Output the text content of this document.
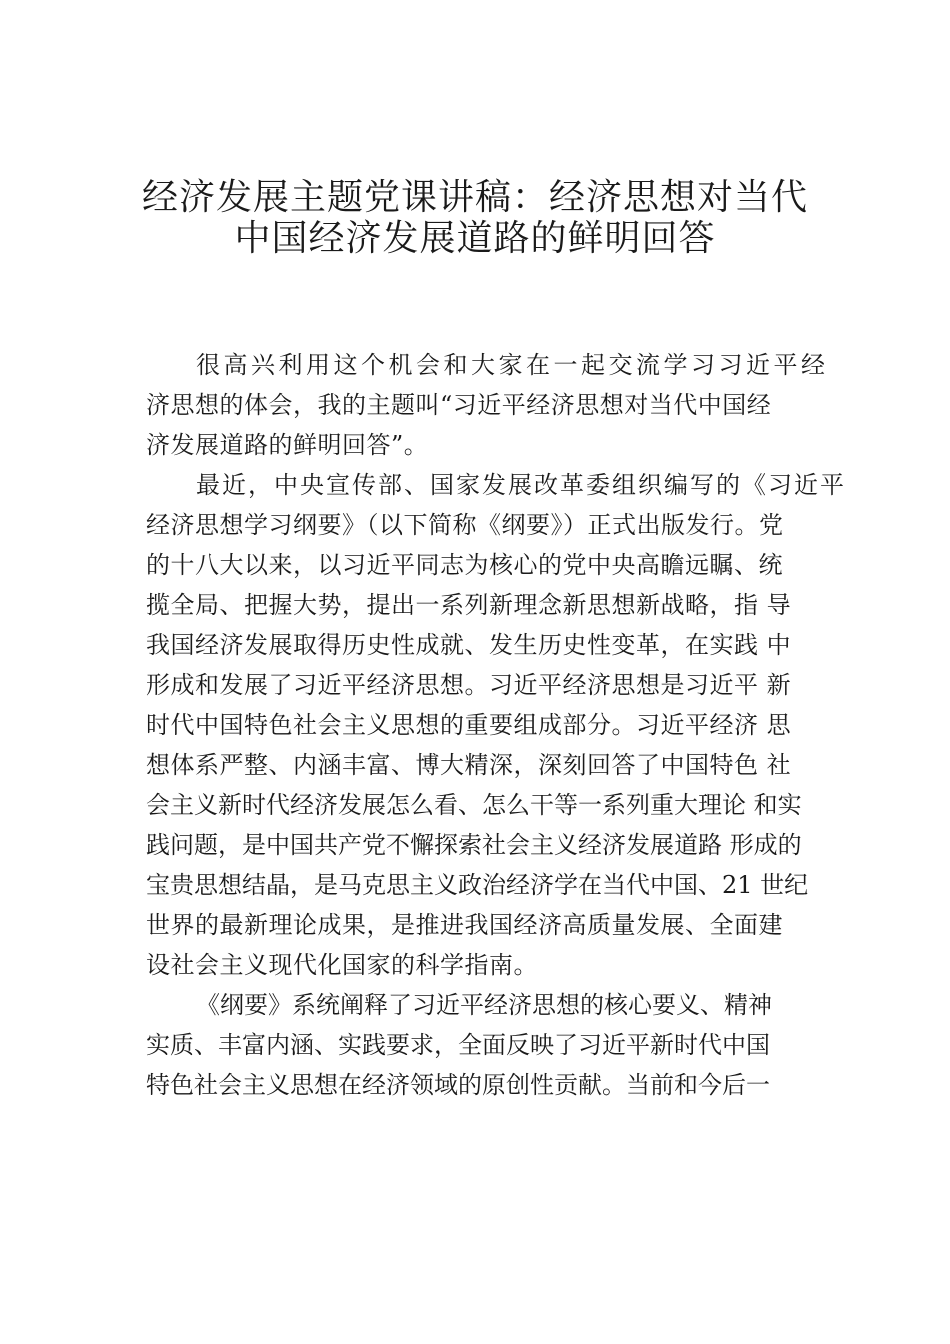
经济发展主题党课讲稿：经济思想对当代
中国经济发展道路的鲜明回答
很高兴利用这个机会和大家在一起交流学习习近平经
济思想的体会，我的主题叫“习近平经济思想对当代中国经
济发展道路的鲜明回答”。
最近，中央宣传部、国家发展改革委组织编写的《习近平
经济思想学习纲要》（以下简称《纲要》）正式出版发行。党
的十八大以来，以习近平同志为核心的党中央高瞻远瞩、统
揽全局、把握大势，提出一系列新理念新思想新战略，指 导
我国经济发展取得历史性成就、发生历史性变革，在实践 中
形成和发展了习近平经济思想。习近平经济思想是习近平 新
时代中国特色社会主义思想的重要组成部分。习近平经济 思
想体系严整、内涵丰富、博大精深，深刻回答了中国特色 社
会主义新时代经济发展怎么看、怎么干等一系列重大理论 和实
践问题，是中国共产党不懈探索社会主义经济发展道路 形成的
宝贵思想结晶，是马克思主义政治经济学在当代中国、21 世纪
世界的最新理论成果，是推进我国经济高质量发展、全面建
设社会主义现代化国家的科学指南。
《纲要》系统阐释了习近平经济思想的核心要义、精神
实质、丰富内涵、实践要求，全面反映了习近平新时代中国
特色社会主义思想在经济领域的原创性贡献。当前和今后一
